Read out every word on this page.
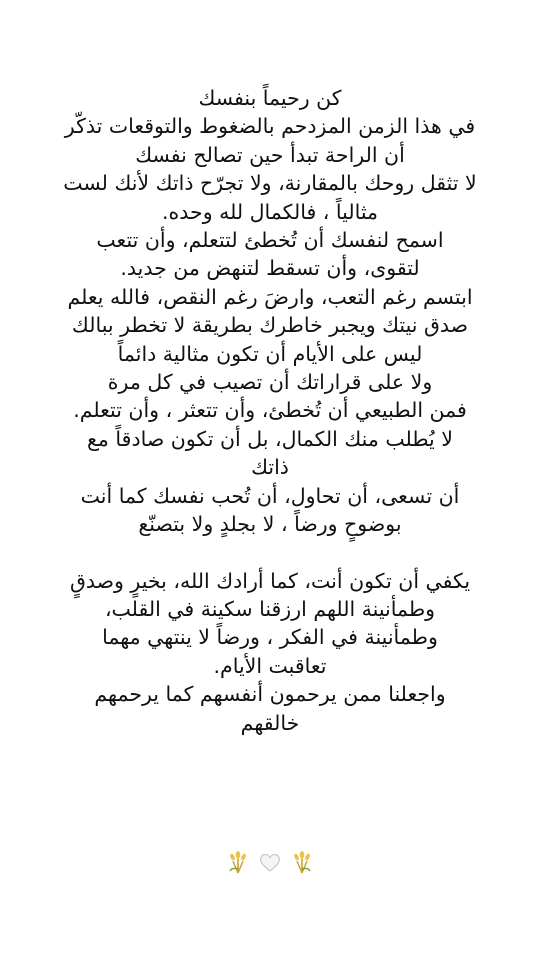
كن رحيماً بنفسك
في هذا الزمن المزدحم بالضغوط والتوقعات تذكّر
أن الراحة تبدأ حين تصالح نفسك
لا تثقل روحك بالمقارنة، ولا تجرّح ذاتك لأنك لست
مثالياً ، فالكمال لله وحده.
اسمح لنفسك أن تُخطئ لتتعلم، وأن تتعب
لتقوى، وأن تسقط لتنهض من جديد.
ابتسم رغم التعب، وارضَ رغم النقص، فالله يعلم
صدق نيتك ويجبر خاطرك بطريقة لا تخطر ببالك
ليس على الأيام أن تكون مثالية دائماً
ولا على قراراتك أن تصيب في كل مرة
فمن الطبيعي أن تُخطئ، وأن تتعثر ، وأن تتعلم.
لا يُطلب منك الكمال، بل أن تكون صادقاً مع
ذاتك
أن تسعى، أن تحاول، أن تُحب نفسك كما أنت
بوضوحٍ ورضاً ، لا بجلدٍ ولا بتصنّع
يكفي أن تكون أنت، كما أرادك الله، بخيرٍ وصدقٍ
وطمأنينة اللهم ارزقنا سكينة في القلب،
وطمأنينة في الفكر ، ورضاً لا ينتهي مهما
تعاقبت الأيام.
واجعلنا ممن يرحمون أنفسهم كما يرحمهم
خالقهم
